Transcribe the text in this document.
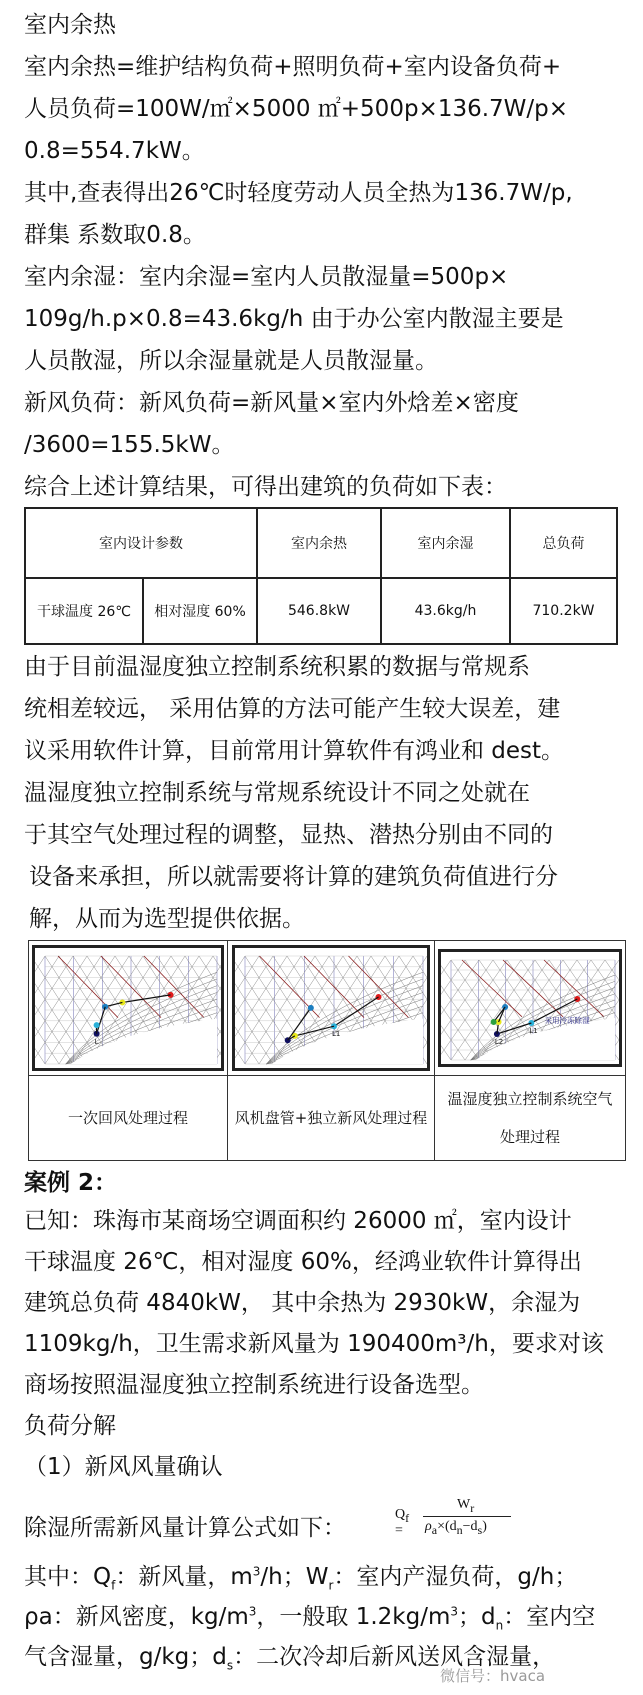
室内余热
室内余热=维护结构负荷+照明负荷+室内设备负荷+
人员负荷=100W/㎡×5000 ㎡+500p×136.7W/p×
0.8=554.7kW。
其中,查表得出26℃时轻度劳动人员全热为136.7W/p,
群集 系数取0.8。
室内余湿：室内余湿=室内人员散湿量=500p×
109g/h.p×0.8=43.6kg/h 由于办公室内散湿主要是
人员散湿，所以余湿量就是人员散湿量。
新风负荷：新风负荷=新风量×室内外焓差×密度
/3600=155.5kW。
综合上述计算结果，可得出建筑的负荷如下表：
室内设计参数		室内余热	室内余湿	总负荷
干球温度 26℃	相对湿度 60%	546.8kW	43.6kg/h	710.2kW
由于目前温湿度独立控制系统积累的数据与常规系
统相差较远， 采用估算的方法可能产生较大误差，建
议采用软件计算，目前常用计算软件有鸿业和 dest。
温湿度独立控制系统与常规系统设计不同之处就在
于其空气处理过程的调整，显热、潜热分别由不同的
设备来承担，所以就需要将计算的建筑负荷值进行分
解，从而为选型提供依据。
L	L1	L1
L2
采用冷冻除湿

一次回风处理过程	风机盘管+独立新风处理过程	温湿度独立控制系统空气
处理过程
案例 2：
已知：珠海市某商场空调面积约 26000 ㎡，室内设计
干球温度 26℃，相对湿度 60%，经鸿业软件计算得出
建筑总负荷 4840kW， 其中余热为 2930kW，余湿为
1109kg/h，卫生需求新风量为 190400m³/h，要求对该
商场按照温湿度独立控制系统进行设备选型。
负荷分解
（1）新风风量确认
除湿所需新风量计算公式如下：
$Q_f$ =
$W_r$
$\rho_a\times(d_n-d_s)$
其中：$Q_f$：新风量，$m^3/h$；$W_r$：室内产湿负荷，g/h；
ρa：新风密度，$kg/m^3$，一般取 $1.2kg/m^3$；$d_n$：室内空
气含湿量，g/kg；$d_s$：二次冷却后新风送风含湿量，
微信号：hvaca
